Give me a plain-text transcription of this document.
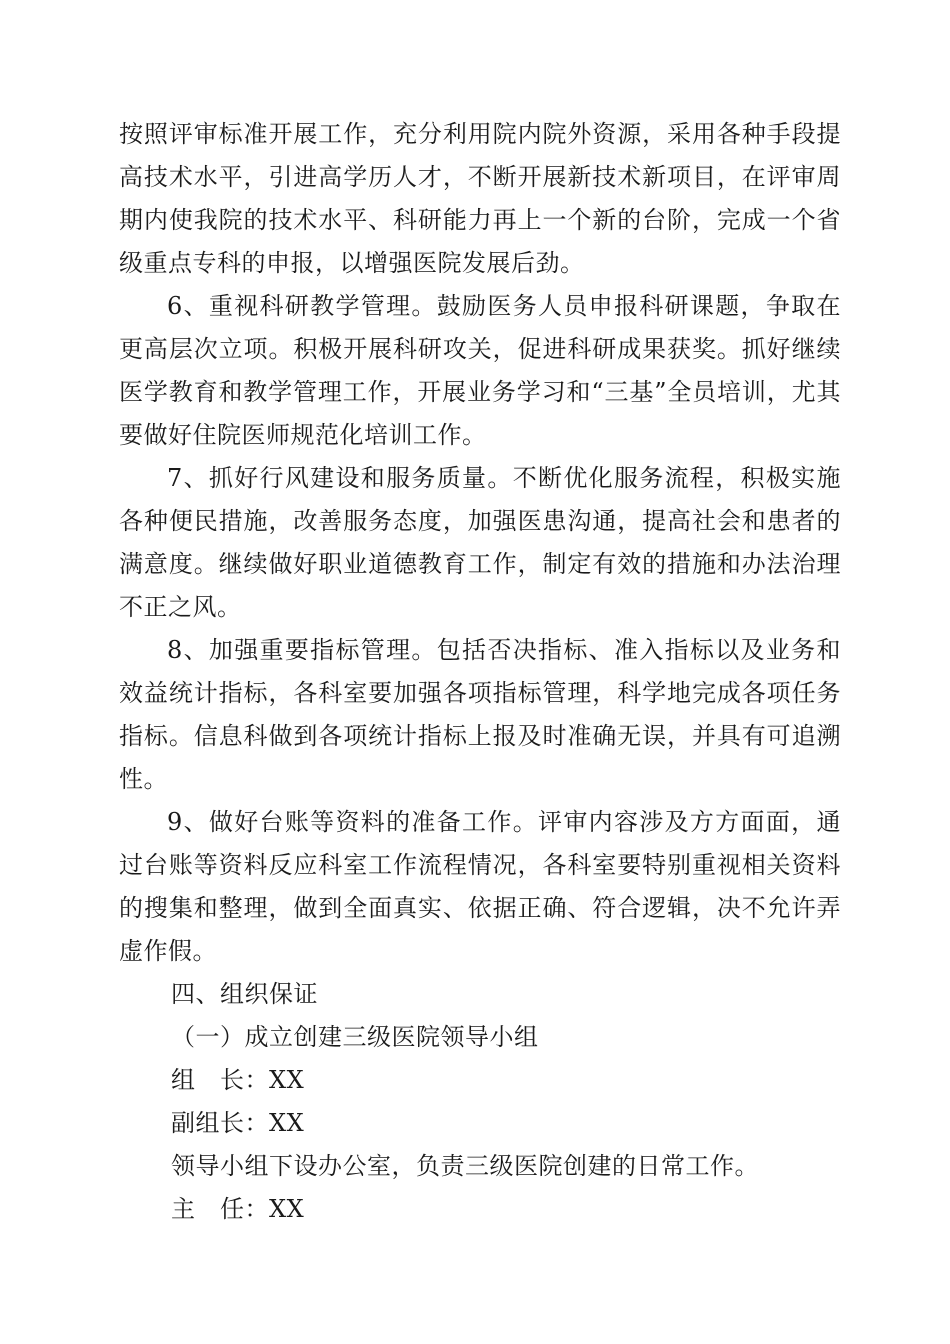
按照评审标准开展工作，充分利用院内院外资源，采用各种手段提高技术水平，引进高学历人才，不断开展新技术新项目，在评审周期内使我院的技术水平、科研能力再上一个新的台阶，完成一个省级重点专科的申报，以增强医院发展后劲。

6、重视科研教学管理。鼓励医务人员申报科研课题，争取在更高层次立项。积极开展科研攻关，促进科研成果获奖。抓好继续医学教育和教学管理工作，开展业务学习和“三基”全员培训，尤其要做好住院医师规范化培训工作。

7、抓好行风建设和服务质量。不断优化服务流程，积极实施各种便民措施，改善服务态度，加强医患沟通，提高社会和患者的满意度。继续做好职业道德教育工作，制定有效的措施和办法治理不正之风。

8、加强重要指标管理。包括否决指标、准入指标以及业务和效益统计指标，各科室要加强各项指标管理，科学地完成各项任务指标。信息科做到各项统计指标上报及时准确无误，并具有可追溯性。

9、做好台账等资料的准备工作。评审内容涉及方方面面，通过台账等资料反应科室工作流程情况，各科室要特别重视相关资料的搜集和整理，做到全面真实、依据正确、符合逻辑，决不允许弄虚作假。

四、组织保证

（一）成立创建三级医院领导小组

组　长：XX

副组长：XX

领导小组下设办公室，负责三级医院创建的日常工作。

主　任：XX
